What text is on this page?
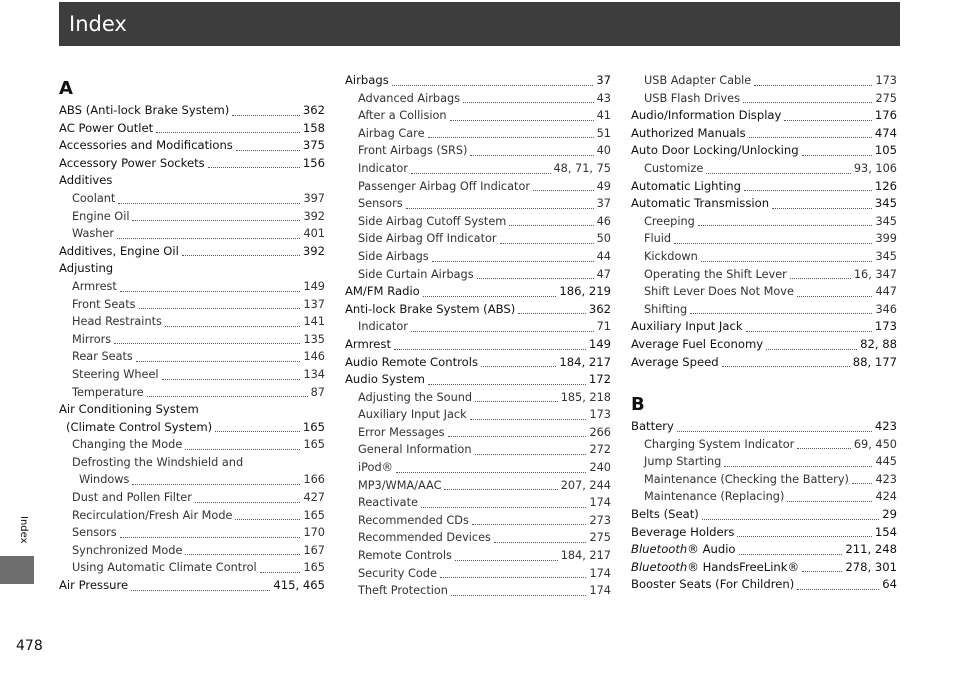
Index
A
ABS (Anti-lock Brake System)	362
AC Power Outlet	158
Accessories and Modifications	375
Accessory Power Sockets	156
Additives
Coolant	397
Engine Oil	392
Washer	401
Additives, Engine Oil	392
Adjusting
Armrest	149
Front Seats	137
Head Restraints	141
Mirrors	135
Rear Seats	146
Steering Wheel	134
Temperature	87
Air Conditioning System
(Climate Control System)	165
Changing the Mode	165
Defrosting the Windshield and
Windows	166
Dust and Pollen Filter	427
Recirculation/Fresh Air Mode	165
Sensors	170
Synchronized Mode	167
Using Automatic Climate Control	165
Air Pressure	415, 465
Airbags	37
Advanced Airbags	43
After a Collision	41
Airbag Care	51
Front Airbags (SRS)	40
Indicator	48, 71, 75
Passenger Airbag Off Indicator	49
Sensors	37
Side Airbag Cutoff System	46
Side Airbag Off Indicator	50
Side Airbags	44
Side Curtain Airbags	47
AM/FM Radio	186, 219
Anti-lock Brake System (ABS)	362
Indicator	71
Armrest	149
Audio Remote Controls	184, 217
Audio System	172
Adjusting the Sound	185, 218
Auxiliary Input Jack	173
Error Messages	266
General Information	272
iPod®	240
MP3/WMA/AAC	207, 244
Reactivate	174
Recommended CDs	273
Recommended Devices	275
Remote Controls	184, 217
Security Code	174
Theft Protection	174
USB Adapter Cable	173
USB Flash Drives	275
Audio/Information Display	176
Authorized Manuals	474
Auto Door Locking/Unlocking	105
Customize	93, 106
Automatic Lighting	126
Automatic Transmission	345
Creeping	345
Fluid	399
Kickdown	345
Operating the Shift Lever	16, 347
Shift Lever Does Not Move	447
Shifting	346
Auxiliary Input Jack	173
Average Fuel Economy	82, 88
Average Speed	88, 177
B
Battery	423
Charging System Indicator	69, 450
Jump Starting	445
Maintenance (Checking the Battery) 423
Maintenance (Replacing)	424
Belts (Seat)	29
Beverage Holders	154
Bluetooth® Audio	211, 248
Bluetooth® HandsFreeLink®	278, 301
Booster Seats (For Children)	64
Index
478
